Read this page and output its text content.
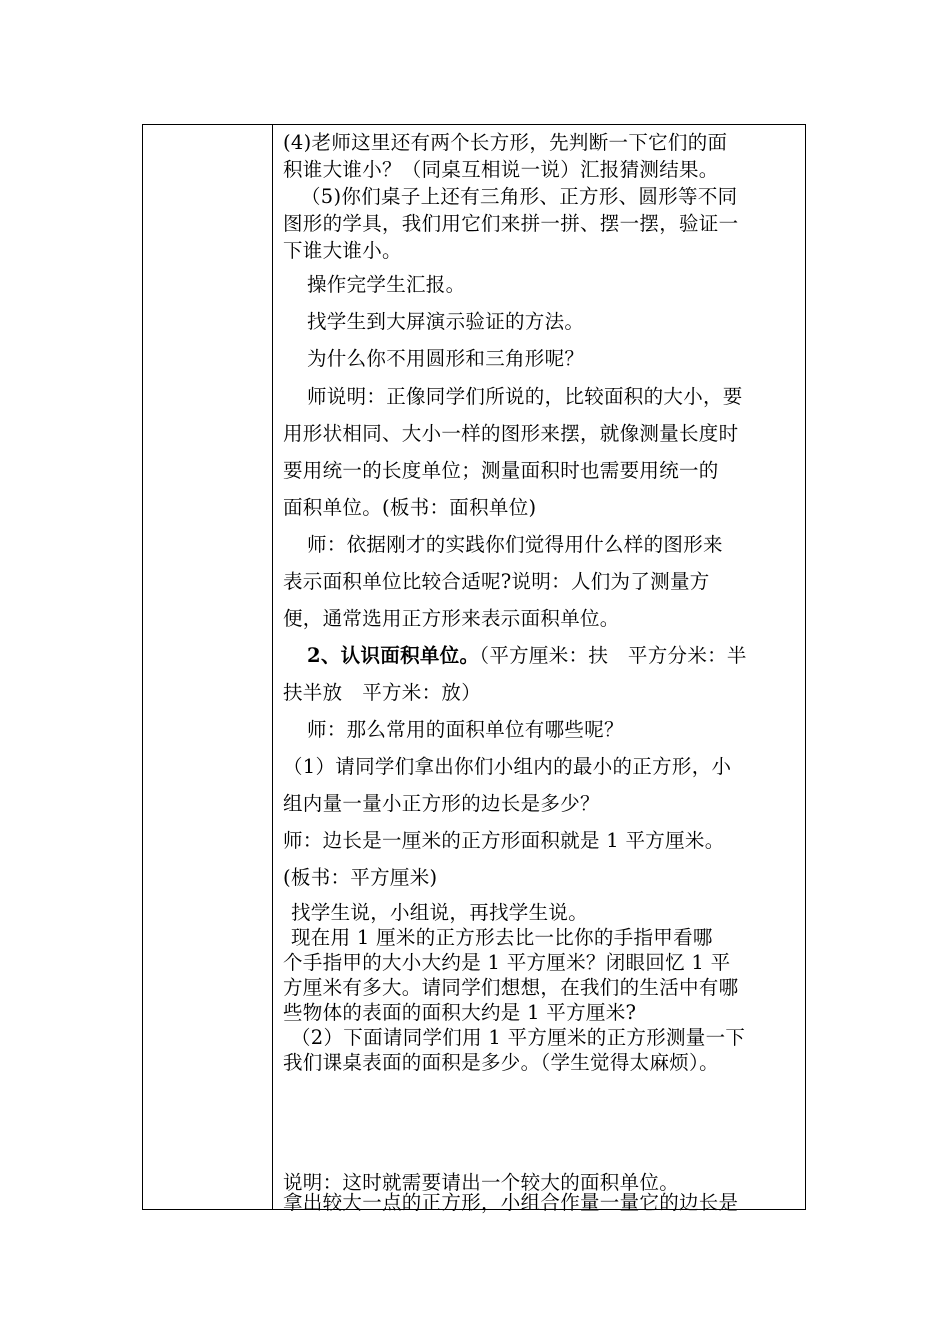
(4)老师这里还有两个长方形，先判断一下它们的面
积谁大谁小？（同桌互相说一说）汇报猜测结果。
（5)你们桌子上还有三角形、正方形、圆形等不同
图形的学具，我们用它们来拼一拼、摆一摆，验证一
下谁大谁小。
操作完学生汇报。
找学生到大屏演示验证的方法。
为什么你不用圆形和三角形呢？
师说明：正像同学们所说的，比较面积的大小，要
用形状相同、大小一样的图形来摆，就像测量长度时
要用统一的长度单位；测量面积时也需要用统一的
面积单位。(板书：面积单位)
师：依据刚才的实践你们觉得用什么样的图形来
表示面积单位比较合适呢?说明：人们为了测量方
便，通常选用正方形来表示面积单位。
2、认识面积单位。（平方厘米：扶　平方分米：半
扶半放　平方米：放）
师：那么常用的面积单位有哪些呢？
（1）请同学们拿出你们小组内的最小的正方形，小
组内量一量小正方形的边长是多少？
师：边长是一厘米的正方形面积就是 1 平方厘米。
(板书：平方厘米)
找学生说，小组说，再找学生说。
现在用 1 厘米的正方形去比一比你的手指甲看哪
个手指甲的大小大约是 1 平方厘米？闭眼回忆 1 平
方厘米有多大。请同学们想想，在我们的生活中有哪
些物体的表面的面积大约是 1 平方厘米?
（2）下面请同学们用 1 平方厘米的正方形测量一下
我们课桌表面的面积是多少。（学生觉得太麻烦）。
说明：这时就需要请出一个较大的面积单位。
拿出较大一点的正方形，小组合作量一量它的边长是
